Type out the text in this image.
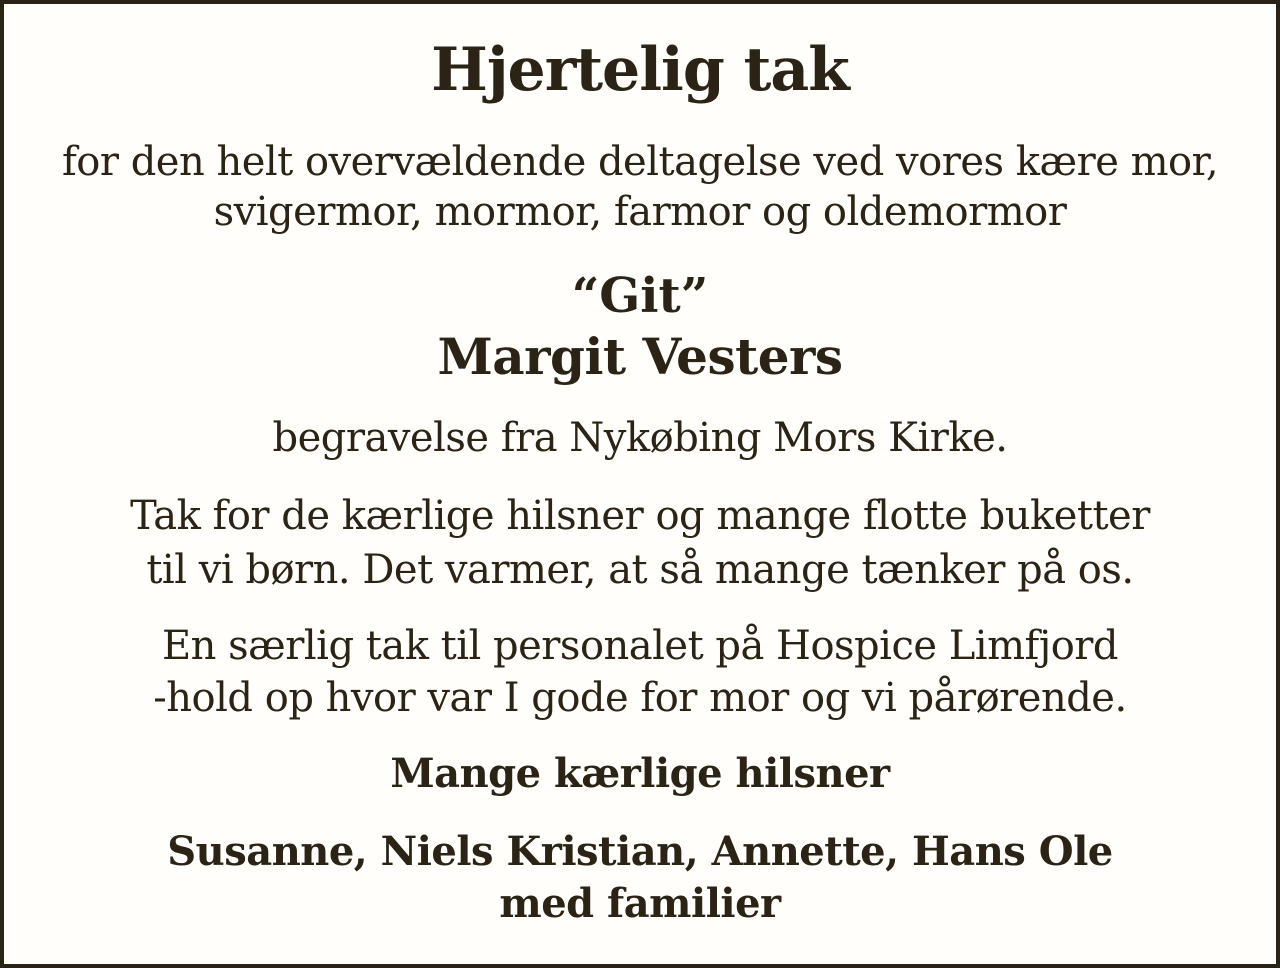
Hjertelig tak
for den helt overvældende deltagelse ved vores kære mor,
svigermor, mormor, farmor og oldemormor
“Git”
Margit Vesters
begravelse fra Nykøbing Mors Kirke.
Tak for de kærlige hilsner og mange flotte buketter
til vi børn. Det varmer, at så mange tænker på os.
En særlig tak til personalet på Hospice Limfjord
-hold op hvor var I gode for mor og vi pårørende.
Mange kærlige hilsner
Susanne, Niels Kristian, Annette, Hans Ole
med familier
